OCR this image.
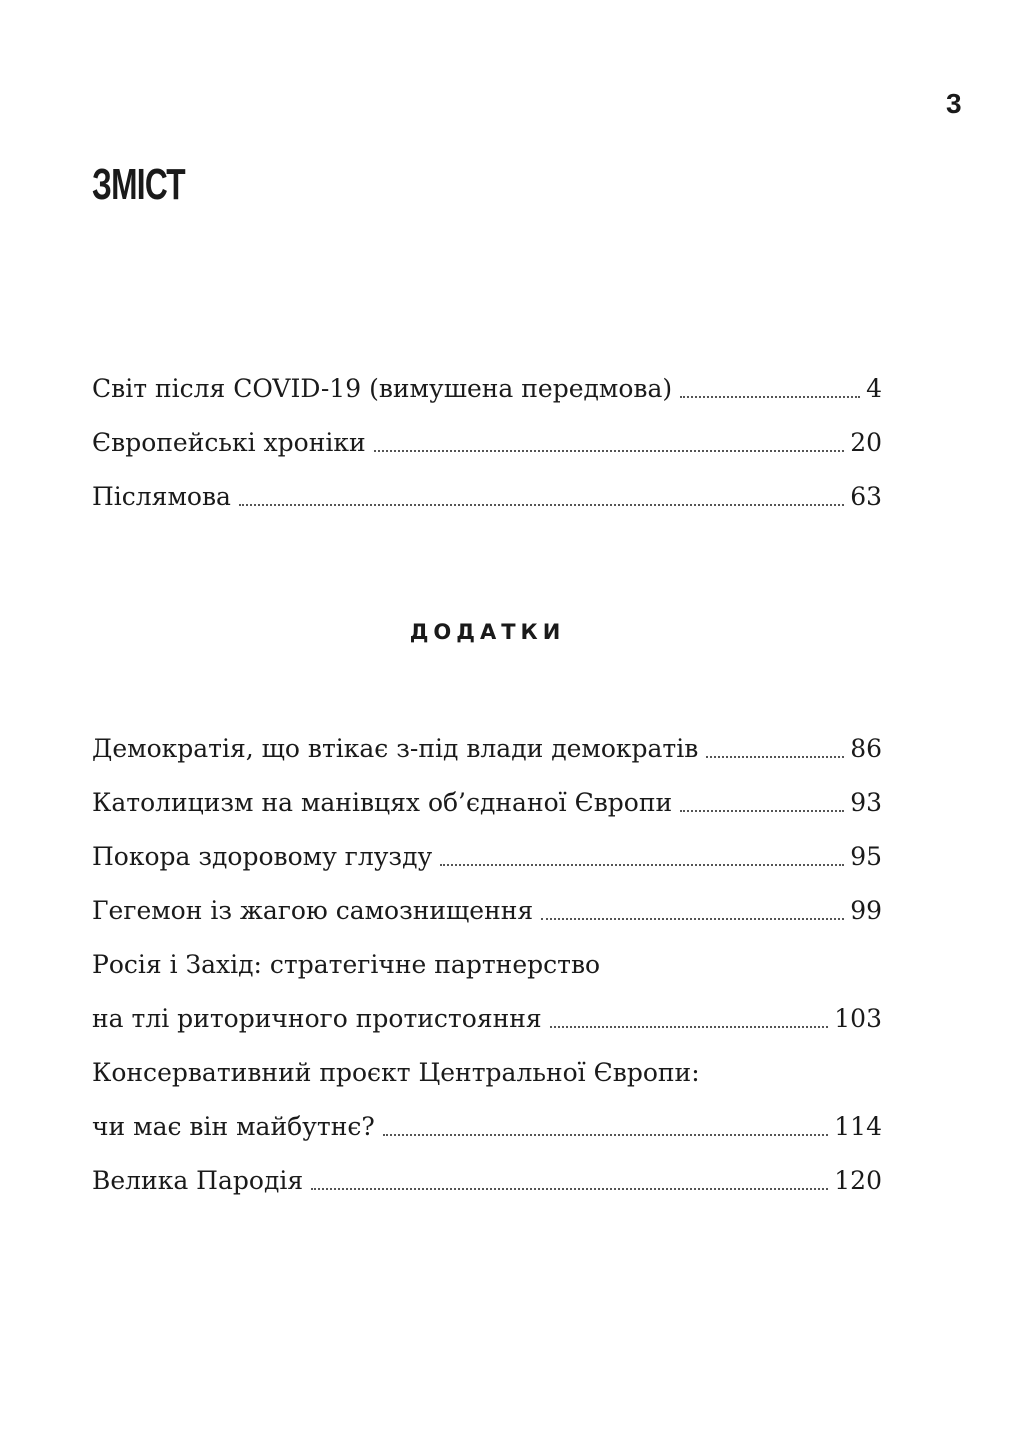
3
ЗМІСТ
Світ після COVID-19 (вимушена передмова)	4
Європейські хроніки	20
Післямова	63
ДОДАТКИ
Демократія, що втікає з-під влади демократів	86
Католицизм на манівцях об’єднаної Європи	93
Покора здоровому глузду	95
Гегемон із жагою самознищення	99
Росія і Захід: стратегічне партнерство
на тлі риторичного протистояння	103
Консервативний проєкт Центральної Європи:
чи має він майбутнє?	114
Велика Пародія	120
